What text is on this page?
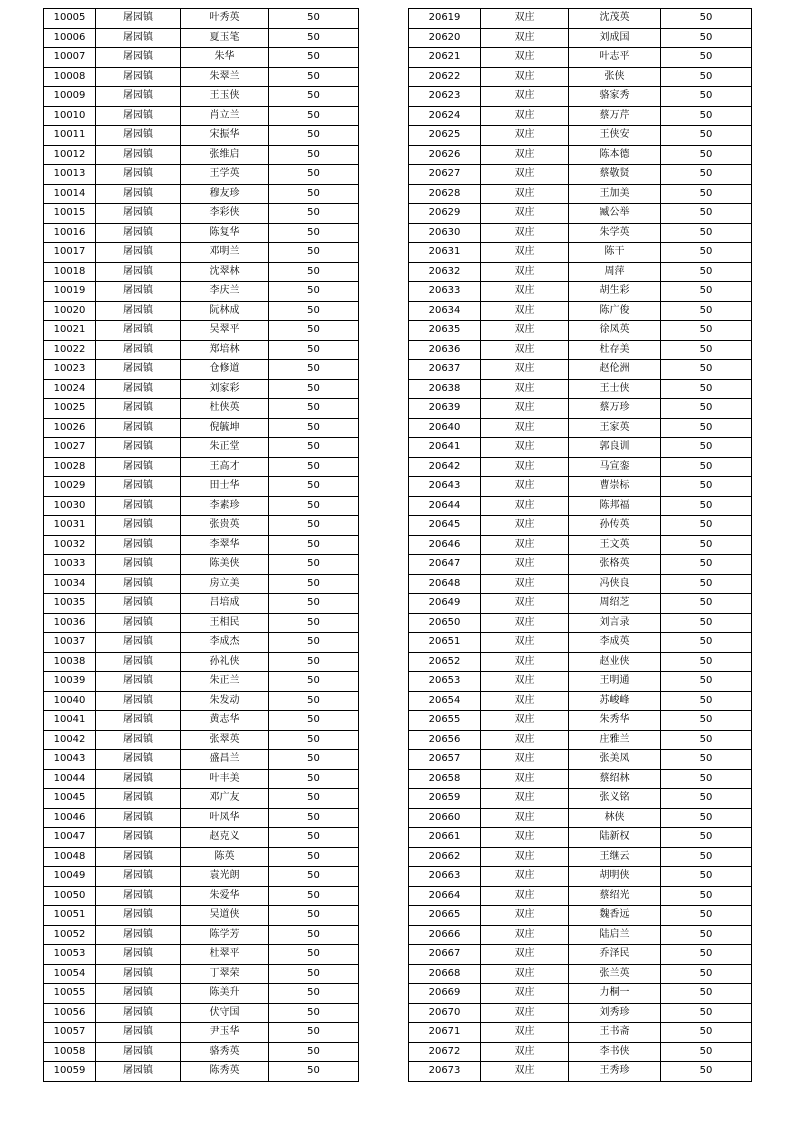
10005	屠园镇	叶秀英	50
10006	屠园镇	夏玉笔	50
10007	屠园镇	朱华	50
10008	屠园镇	朱翠兰	50
10009	屠园镇	王玉侠	50
10010	屠园镇	肖立兰	50
10011	屠园镇	宋振华	50
10012	屠园镇	张维启	50
10013	屠园镇	王学英	50
10014	屠园镇	穆友珍	50
10015	屠园镇	李彩侠	50
10016	屠园镇	陈复华	50
10017	屠园镇	邓明兰	50
10018	屠园镇	沈翠林	50
10019	屠园镇	李庆兰	50
10020	屠园镇	阮林成	50
10021	屠园镇	吴翠平	50
10022	屠园镇	郑培林	50
10023	屠园镇	仓修道	50
10024	屠园镇	刘家彩	50
10025	屠园镇	杜侠英	50
10026	屠园镇	倪毓坤	50
10027	屠园镇	朱正堂	50
10028	屠园镇	王高才	50
10029	屠园镇	田士华	50
10030	屠园镇	李素珍	50
10031	屠园镇	张贵英	50
10032	屠园镇	李翠华	50
10033	屠园镇	陈美侠	50
10034	屠园镇	房立美	50
10035	屠园镇	吕培成	50
10036	屠园镇	王相民	50
10037	屠园镇	李成杰	50
10038	屠园镇	孙礼侠	50
10039	屠园镇	朱正兰	50
10040	屠园镇	朱发动	50
10041	屠园镇	黄志华	50
10042	屠园镇	张翠英	50
10043	屠园镇	盛昌兰	50
10044	屠园镇	叶丰美	50
10045	屠园镇	邓广友	50
10046	屠园镇	叶凤华	50
10047	屠园镇	赵克义	50
10048	屠园镇	陈英	50
10049	屠园镇	袁光朗	50
10050	屠园镇	朱爱华	50
10051	屠园镇	吴道侠	50
10052	屠园镇	陈学芳	50
10053	屠园镇	杜翠平	50
10054	屠园镇	丁翠荣	50
10055	屠园镇	陈美升	50
10056	屠园镇	伏守国	50
10057	屠园镇	尹玉华	50
10058	屠园镇	骆秀英	50
10059	屠园镇	陈秀英	50
20619	双庄	沈茂英	50
20620	双庄	刘成国	50
20621	双庄	叶志平	50
20622	双庄	张侠	50
20623	双庄	骆家秀	50
20624	双庄	蔡万芹	50
20625	双庄	王侠安	50
20626	双庄	陈本德	50
20627	双庄	蔡敬贤	50
20628	双庄	王加美	50
20629	双庄	臧公举	50
20630	双庄	朱学英	50
20631	双庄	陈干	50
20632	双庄	周萍	50
20633	双庄	胡生彩	50
20634	双庄	陈广俊	50
20635	双庄	徐凤英	50
20636	双庄	杜存美	50
20637	双庄	赵伦洲	50
20638	双庄	王士侠	50
20639	双庄	蔡万珍	50
20640	双庄	王家英	50
20641	双庄	郭良训	50
20642	双庄	马宣銮	50
20643	双庄	曹崇标	50
20644	双庄	陈邦福	50
20645	双庄	孙传英	50
20646	双庄	王文英	50
20647	双庄	张格英	50
20648	双庄	冯侠良	50
20649	双庄	周绍芝	50
20650	双庄	刘言录	50
20651	双庄	李成英	50
20652	双庄	赵业侠	50
20653	双庄	王明通	50
20654	双庄	苏峻峰	50
20655	双庄	朱秀华	50
20656	双庄	庄雅兰	50
20657	双庄	张美凤	50
20658	双庄	蔡绍林	50
20659	双庄	张义铭	50
20660	双庄	林侠	50
20661	双庄	陆新权	50
20662	双庄	王继云	50
20663	双庄	胡明侠	50
20664	双庄	蔡绍光	50
20665	双庄	魏香远	50
20666	双庄	陆启兰	50
20667	双庄	乔泽民	50
20668	双庄	张兰英	50
20669	双庄	力桐一	50
20670	双庄	刘秀珍	50
20671	双庄	王书斋	50
20672	双庄	李书侠	50
20673	双庄	王秀珍	50
